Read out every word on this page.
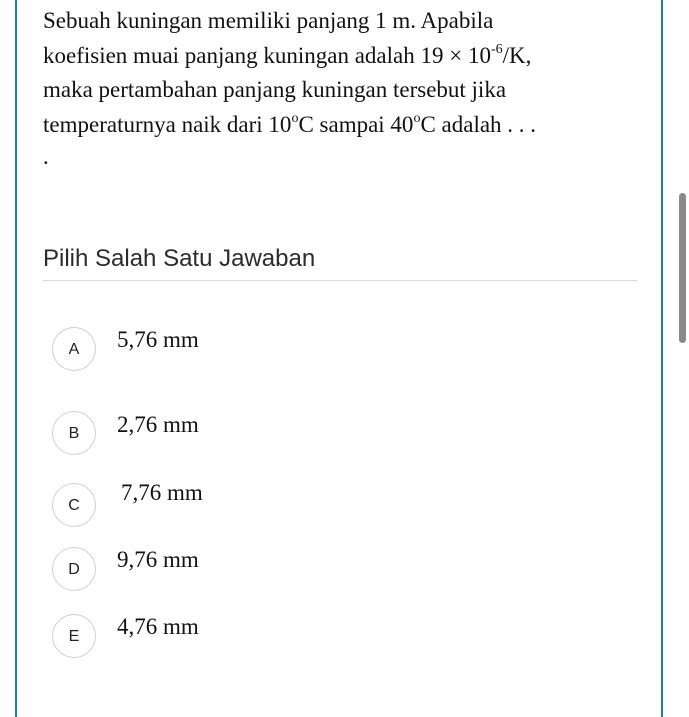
Sebuah kuningan memiliki panjang 1 m. Apabila

koefisien muai panjang kuningan adalah $19 \times 10^{-6}/K$,

maka pertambahan panjang kuningan tersebut jika

temperaturnya naik dari 10$^o$C sampai 40$^o$C adalah . . .

.

Pilih Salah Satu Jawaban
A	5,76 mm
B	2,76 mm
C
7,76 mm
D	9,76 mm
E	4,76 mm
